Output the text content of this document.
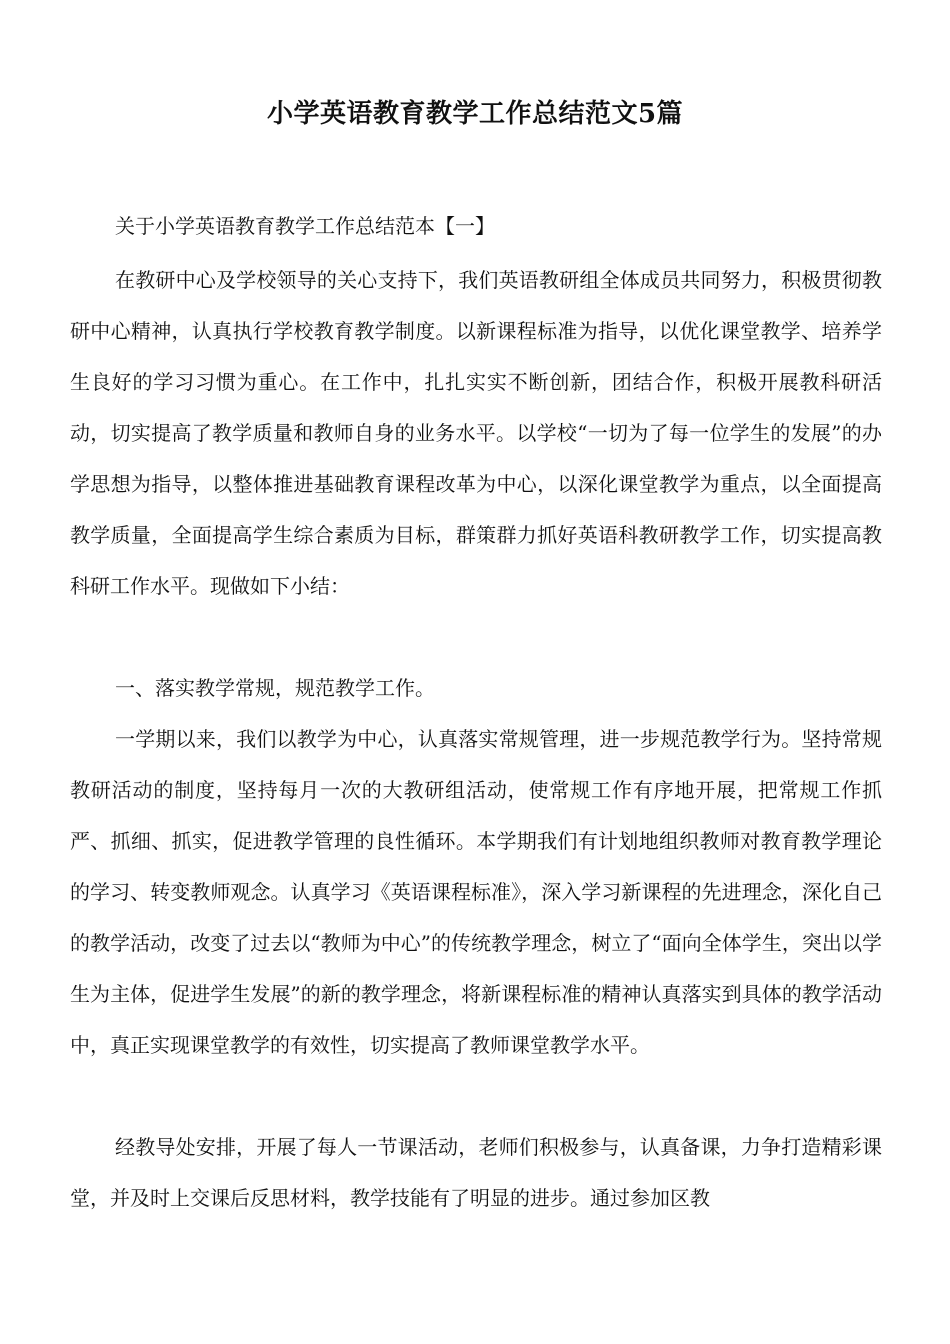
小学英语教育教学工作总结范文5篇
关于小学英语教育教学工作总结范本【一】

在教研中心及学校领导的关心支持下，我们英语教研组全体成员共同努力，积极贯彻教研中心精神，认真执行学校教育教学制度。以新课程标准为指导，以优化课堂教学、培养学生良好的学习习惯为重心。在工作中，扎扎实实不断创新，团结合作，积极开展教科研活动，切实提高了教学质量和教师自身的业务水平。以学校“一切为了每一位学生的发展”的办学思想为指导，以整体推进基础教育课程改革为中心，以深化课堂教学为重点，以全面提高教学质量，全面提高学生综合素质为目标，群策群力抓好英语科教研教学工作，切实提高教科研工作水平。现做如下小结：

一、落实教学常规，规范教学工作。

一学期以来，我们以教学为中心，认真落实常规管理，进一步规范教学行为。坚持常规教研活动的制度，坚持每月一次的大教研组活动，使常规工作有序地开展，把常规工作抓严、抓细、抓实，促进教学管理的良性循环。本学期我们有计划地组织教师对教育教学理论的学习、转变教师观念。认真学习《英语课程标准》，深入学习新课程的先进理念，深化自己的教学活动，改变了过去以“教师为中心”的传统教学理念，树立了“面向全体学生，突出以学生为主体，促进学生发展”的新的教学理念，将新课程标准的精神认真落实到具体的教学活动中，真正实现课堂教学的有效性，切实提高了教师课堂教学水平。

经教导处安排，开展了每人一节课活动，老师们积极参与，认真备课，力争打造精彩课堂，并及时上交课后反思材料，教学技能有了明显的进步。通过参加区教
